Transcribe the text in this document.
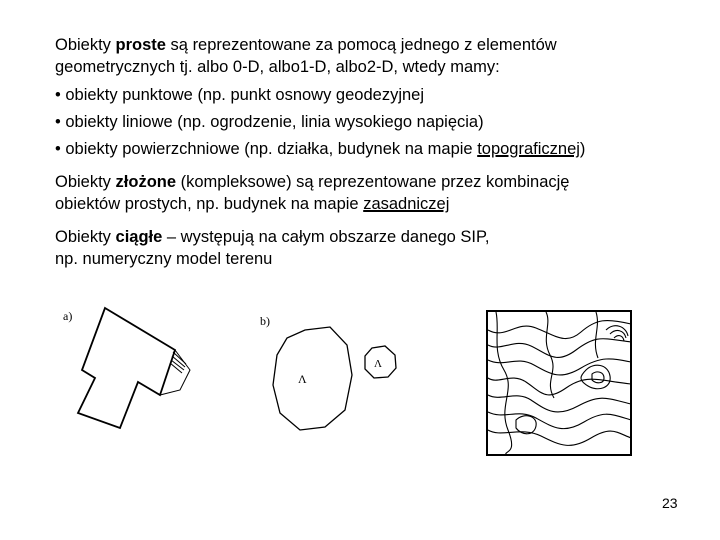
Obiekty proste są reprezentowane za pomocą jednego z elementów
geometrycznych tj. albo 0-D, albo1-D, albo2-D, wtedy mamy:
• obiekty punktowe (np. punkt osnowy geodezyjnej
• obiekty liniowe (np. ogrodzenie, linia wysokiego napięcia)
• obiekty powierzchniowe (np. działka, budynek na mapie topograficznej)
Obiekty złożone (kompleksowe) są reprezentowane przez kombinację
obiektów prostych, np. budynek na mapie zasadniczej
Obiekty ciągłe – występują na całym obszarze danego SIP,
np. numeryczny model terenu
a)	b)
Λ
Λ
23
